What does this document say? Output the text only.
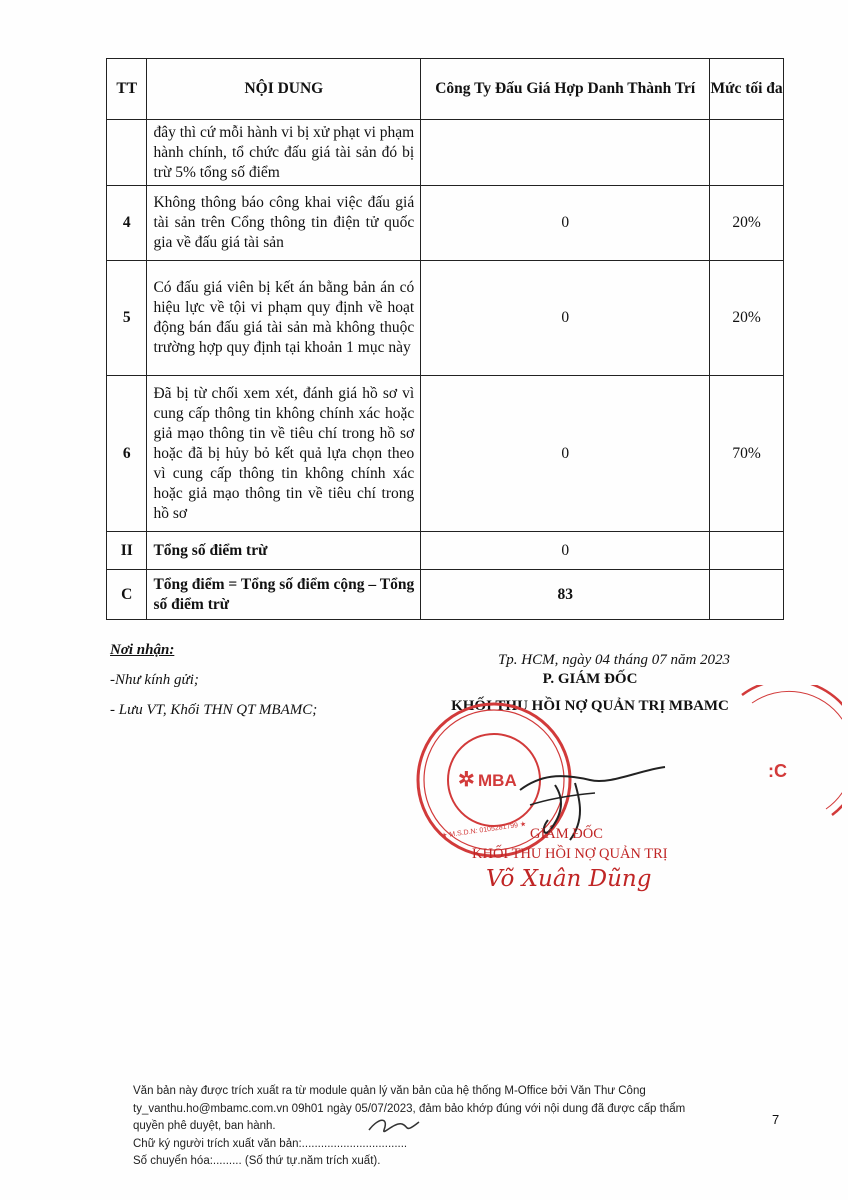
TT	NỘI DUNG	Công Ty Đấu Giá Hợp Danh Thành Trí	Mức tối đa
	đây thì cứ mỗi hành vi bị xử phạt vi phạm hành chính, tổ chức đấu giá tài sản đó bị trừ 5% tổng số điểm		
4	Không thông báo công khai việc đấu giá tài sản trên Cổng thông tin điện tử quốc gia về đấu giá tài sản	0	20%
5	Có đấu giá viên bị kết án bằng bản án có hiệu lực về tội vi phạm quy định về hoạt động bán đấu giá tài sản mà không thuộc trường hợp quy định tại khoản 1 mục này	0	20%
6	Đã bị từ chối xem xét, đánh giá hồ sơ vì cung cấp thông tin không chính xác hoặc giả mạo thông tin về tiêu chí trong hồ sơ hoặc đã bị hủy bỏ kết quả lựa chọn theo vì cung cấp thông tin không chính xác hoặc giả mạo thông tin về tiêu chí trong hồ sơ	0	70%
II	Tổng số điểm trừ	0	
C	Tổng điểm = Tổng số điểm cộng – Tổng số điểm trừ	83	
Nơi nhận:
-Như kính gửi;
- Lưu VT, Khối THN QT MBAMC;
Tp. HCM, ngày 04 tháng 07 năm 2023
P. GIÁM ĐỐC
KHỐI THU HỒI NỢ QUẢN TRỊ MBAMC
✲ MBA
★ M.S.D.N: 0105281799 ★
:C
GIÁM ĐỐC
KHỐI THU HỒI NỢ QUẢN TRỊ
Võ Xuân Dũng
Văn bản này được trích xuất ra từ module quản lý văn bản của hệ thống M-Office bởi Văn Thư Công
ty_vanthu.ho@mbamc.com.vn 09h01 ngày 05/07/2023, đảm bảo khớp đúng với nội dung đã được cấp thẩm
quyền phê duyệt, ban hành.
Chữ ký người trích xuất văn bản:.................................
Số chuyển hóa:......... (Số thứ tự.năm trích xuất).
7
